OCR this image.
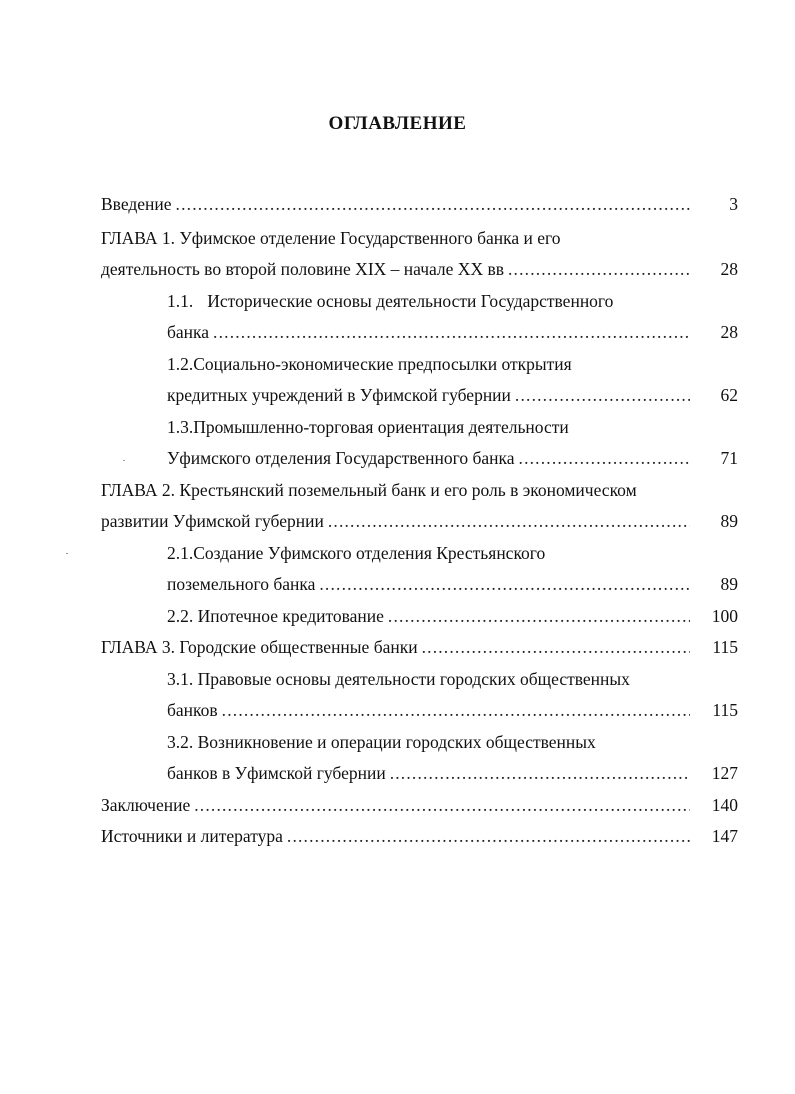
ОГЛАВЛЕНИЕ
Введение . . .	3
ГЛАВА 1. Уфимское отделение Государственного банка и его
деятельность во второй половине XIX – начале XX вв . . .	28
1.1. Исторические основы деятельности Государственного
банка . . .	28
1.2.Социально-экономические предпосылки открытия
кредитных учреждений в Уфимской губернии . . .	62
1.3.Промышленно-торговая ориентация деятельности
Уфимского отделения Государственного банка . . .	71
ГЛАВА 2. Крестьянский поземельный банк и его роль в экономическом
развитии Уфимской губернии . . .	89
2.1.Создание Уфимского отделения Крестьянского
поземельного банка . . .	89
2.2. Ипотечное кредитование . . .	100
ГЛАВА 3. Городские общественные банки . . .	115
3.1. Правовые основы деятельности городских общественных
банков . . .	115
3.2. Возникновение и операции городских общественных
банков в Уфимской губернии . . .	127
Заключение . . .	140
Источники и литература . . .	147
